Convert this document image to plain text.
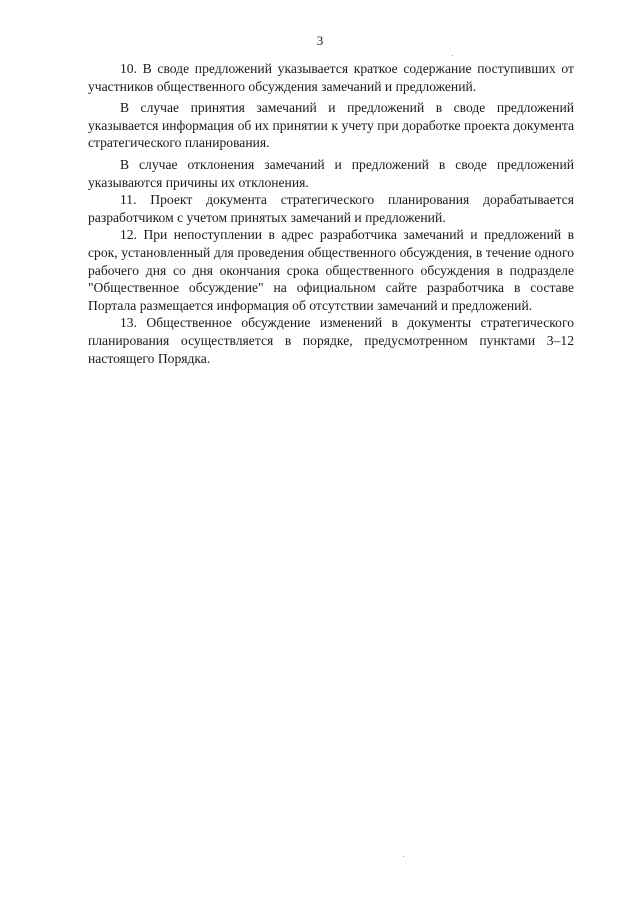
3

10. В своде предложений указывается краткое содержание поступивших от участников общественного обсуждения замечаний и предложений.

В случае принятия замечаний и предложений в своде предложений указывается информация об их принятии к учету при доработке проекта документа стратегического планирования.

В случае отклонения замечаний и предложений в своде предложений указываются причины их отклонения.

11. Проект документа стратегического планирования дорабатывается разработчиком с учетом принятых замечаний и предложений.

12. При непоступлении в адрес разработчика замечаний и предложений в срок, установленный для проведения общественного обсуждения, в течение одного рабочего дня со дня окончания срока общественного обсуждения в подразделе "Общественное обсуждение" на официальном сайте разработчика в составе Портала размещается информация об отсутствии замечаний и предложений.

13. Общественное обсуждение изменений в документы стратегического планирования осуществляется в порядке, предусмотренном пунктами 3–12 настоящего Порядка.
